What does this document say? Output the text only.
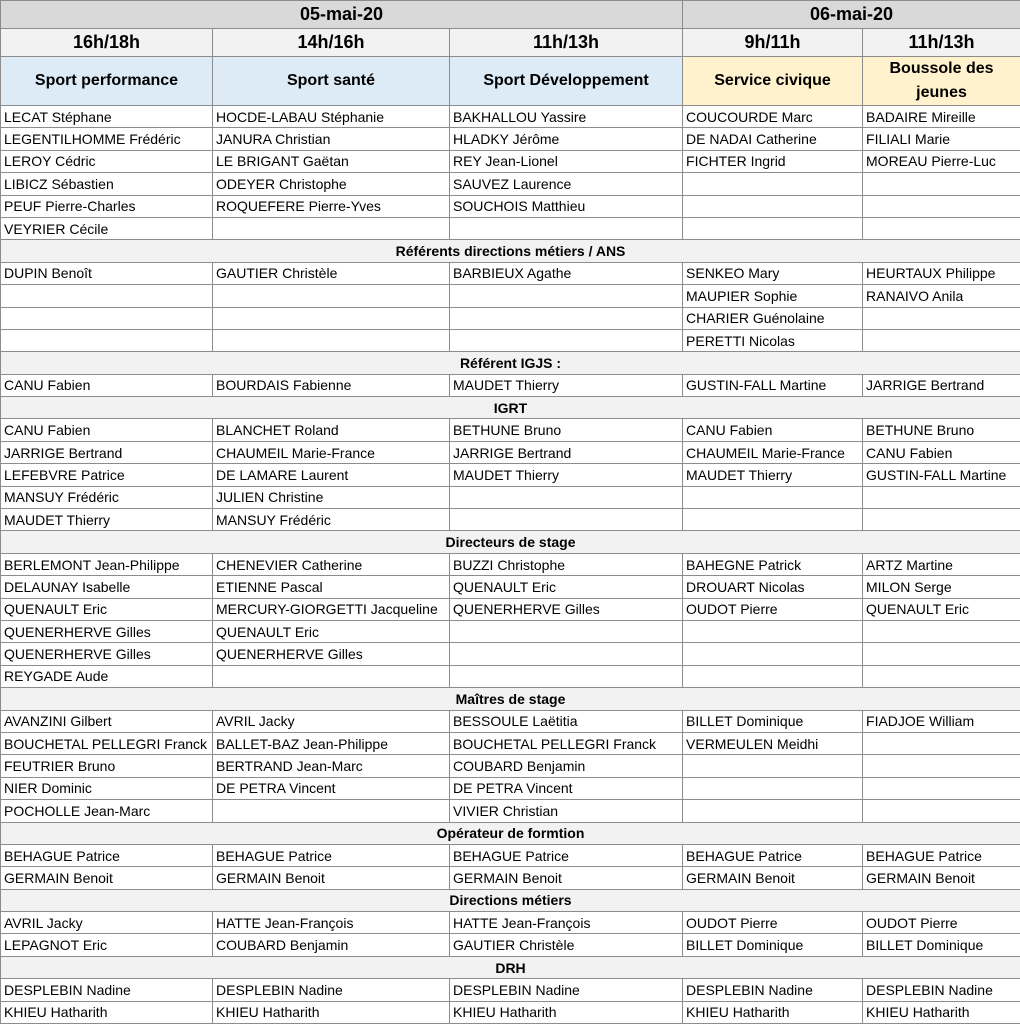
05-mai-20			06-mai-20	
16h/18h	14h/16h	11h/13h	9h/11h	11h/13h
Sport performance	Sport santé	Sport Développement	Service civique	Boussole des jeunes
LECAT Stéphane	HOCDE-LABAU Stéphanie	BAKHALLOU Yassire	COUCOURDE Marc	BADAIRE Mireille
LEGENTILHOMME Frédéric	JANURA Christian	HLADKY Jérôme	DE NADAI Catherine	FILIALI Marie
LEROY Cédric	LE BRIGANT Gaëtan	REY Jean-Lionel	FICHTER Ingrid	MOREAU Pierre-Luc
LIBICZ Sébastien	ODEYER Christophe	SAUVEZ Laurence		
PEUF Pierre-Charles	ROQUEFERE Pierre-Yves	SOUCHOIS Matthieu		
VEYRIER Cécile				
Référents directions métiers / ANS				
DUPIN Benoît	GAUTIER Christèle	BARBIEUX Agathe	SENKEO Mary	HEURTAUX Philippe
			MAUPIER Sophie	RANAIVO Anila
			CHARIER Guénolaine	
			PERETTI Nicolas	
Référent IGJS :				
CANU Fabien	BOURDAIS Fabienne	MAUDET Thierry	GUSTIN-FALL Martine	JARRIGE Bertrand
IGRT				
CANU Fabien	BLANCHET Roland	BETHUNE Bruno	CANU Fabien	BETHUNE Bruno
JARRIGE Bertrand	CHAUMEIL Marie-France	JARRIGE Bertrand	CHAUMEIL Marie-France	CANU Fabien
LEFEBVRE Patrice	DE LAMARE Laurent	MAUDET Thierry	MAUDET Thierry	GUSTIN-FALL Martine
MANSUY Frédéric	JULIEN Christine			
MAUDET Thierry	MANSUY Frédéric			
Directeurs de stage				
BERLEMONT Jean-Philippe	CHENEVIER Catherine	BUZZI Christophe	BAHEGNE Patrick	ARTZ Martine
DELAUNAY Isabelle	ETIENNE Pascal	QUENAULT Eric	DROUART Nicolas	MILON Serge
QUENAULT Eric	MERCURY-GIORGETTI Jacqueline	QUENERHERVE Gilles	OUDOT Pierre	QUENAULT Eric
QUENERHERVE Gilles	QUENAULT Eric			
QUENERHERVE Gilles	QUENERHERVE Gilles			
REYGADE Aude				
Maîtres de stage				
AVANZINI Gilbert	AVRIL Jacky	BESSOULE Laëtitia	BILLET Dominique	FIADJOE William
BOUCHETAL PELLEGRI Franck	BALLET-BAZ Jean-Philippe	BOUCHETAL PELLEGRI Franck	VERMEULEN Meidhi	
FEUTRIER Bruno	BERTRAND Jean-Marc	COUBARD Benjamin		
NIER Dominic	DE PETRA Vincent	DE PETRA Vincent		
POCHOLLE Jean-Marc		VIVIER Christian		
Opérateur de formtion				
BEHAGUE Patrice	BEHAGUE Patrice	BEHAGUE Patrice	BEHAGUE Patrice	BEHAGUE Patrice
GERMAIN Benoit	GERMAIN Benoit	GERMAIN Benoit	GERMAIN Benoit	GERMAIN Benoit
Directions métiers				
AVRIL Jacky	HATTE Jean-François	HATTE Jean-François	OUDOT Pierre	OUDOT Pierre
LEPAGNOT Eric	COUBARD Benjamin	GAUTIER Christèle	BILLET Dominique	BILLET Dominique
DRH				
DESPLEBIN Nadine	DESPLEBIN Nadine	DESPLEBIN Nadine	DESPLEBIN Nadine	DESPLEBIN Nadine
KHIEU Hatharith	KHIEU Hatharith	KHIEU Hatharith	KHIEU Hatharith	KHIEU Hatharith
